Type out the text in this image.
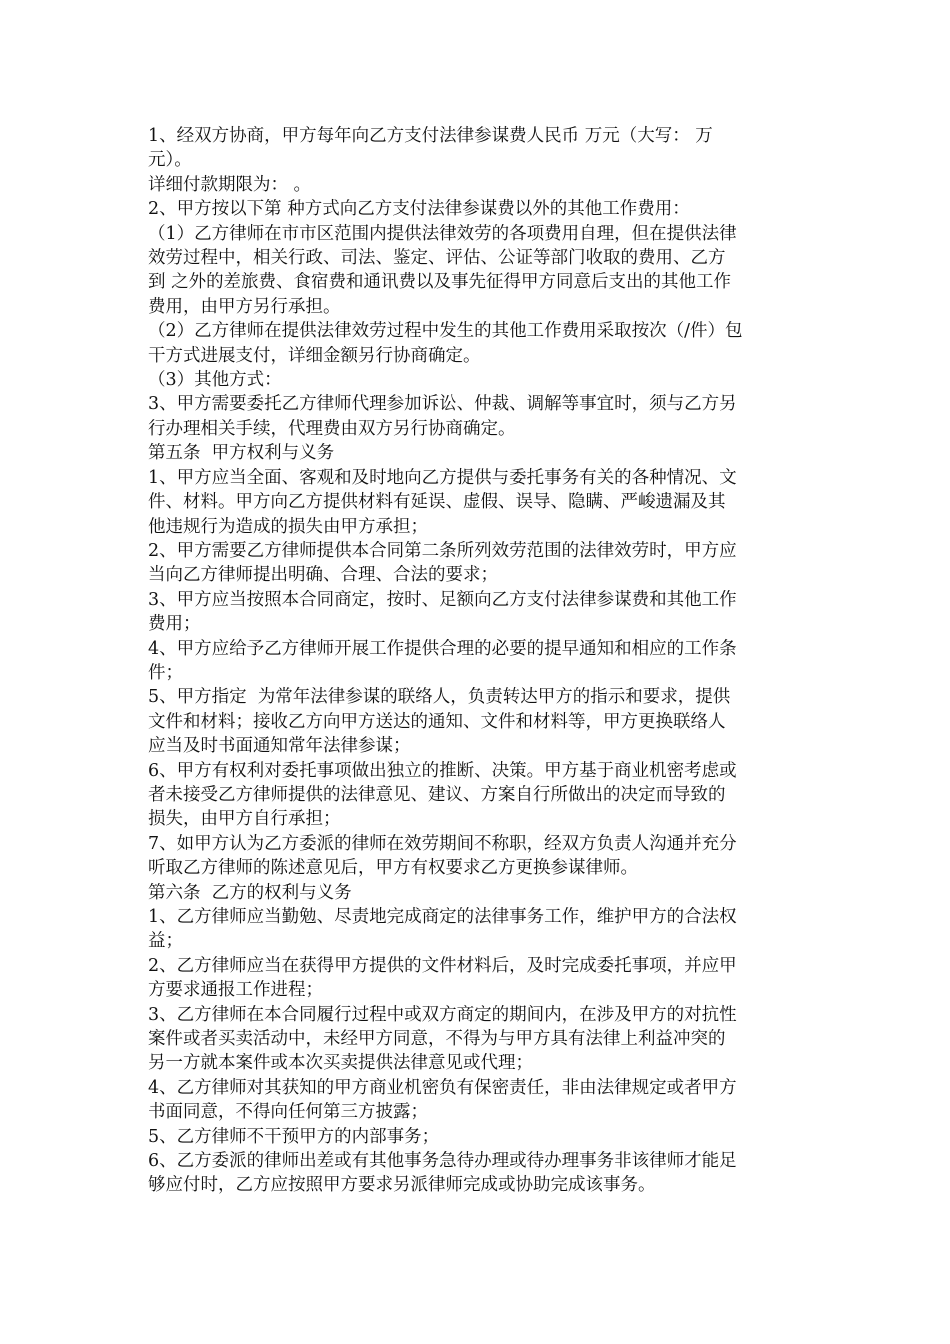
1、经双方协商，甲方每年向乙方支付法律参谋费人民币 万元（大写： 万

元）。

详细付款期限为： 。

2、甲方按以下第 种方式向乙方支付法律参谋费以外的其他工作费用：

（1）乙方律师在市市区范围内提供法律效劳的各项费用自理，但在提供法律

效劳过程中，相关行政、司法、鉴定、评估、公证等部门收取的费用、乙方

到 之外的差旅费、食宿费和通讯费以及事先征得甲方同意后支出的其他工作

费用，由甲方另行承担。

（2）乙方律师在提供法律效劳过程中发生的其他工作费用采取按次（/件）包

干方式进展支付，详细金额另行协商确定。

（3）其他方式：

3、甲方需要委托乙方律师代理参加诉讼、仲裁、调解等事宜时，须与乙方另

行办理相关手续，代理费由双方另行协商确定。

第五条  甲方权利与义务

1、甲方应当全面、客观和及时地向乙方提供与委托事务有关的各种情况、文

件、材料。甲方向乙方提供材料有延误、虚假、误导、隐瞒、严峻遗漏及其

他违规行为造成的损失由甲方承担；

2、甲方需要乙方律师提供本合同第二条所列效劳范围的法律效劳时，甲方应

当向乙方律师提出明确、合理、合法的要求；

3、甲方应当按照本合同商定，按时、足额向乙方支付法律参谋费和其他工作

费用；

4、甲方应给予乙方律师开展工作提供合理的必要的提早通知和相应的工作条

件；

5、甲方指定  为常年法律参谋的联络人，负责转达甲方的指示和要求，提供

文件和材料；接收乙方向甲方送达的通知、文件和材料等，甲方更换联络人

应当及时书面通知常年法律参谋；

6、甲方有权利对委托事项做出独立的推断、决策。甲方基于商业机密考虑或

者未接受乙方律师提供的法律意见、建议、方案自行所做出的决定而导致的

损失，由甲方自行承担；

7、如甲方认为乙方委派的律师在效劳期间不称职，经双方负责人沟通并充分

听取乙方律师的陈述意见后，甲方有权要求乙方更换参谋律师。

第六条  乙方的权利与义务

1、乙方律师应当勤勉、尽责地完成商定的法律事务工作，维护甲方的合法权

益；

2、乙方律师应当在获得甲方提供的文件材料后，及时完成委托事项，并应甲

方要求通报工作进程；

3、乙方律师在本合同履行过程中或双方商定的期间内，在涉及甲方的对抗性

案件或者买卖活动中，未经甲方同意，不得为与甲方具有法律上利益冲突的

另一方就本案件或本次买卖提供法律意见或代理；

4、乙方律师对其获知的甲方商业机密负有保密责任，非由法律规定或者甲方

书面同意，不得向任何第三方披露；

5、乙方律师不干预甲方的内部事务；

6、乙方委派的律师出差或有其他事务急待办理或待办理事务非该律师才能足

够应付时，乙方应按照甲方要求另派律师完成或协助完成该事务。
